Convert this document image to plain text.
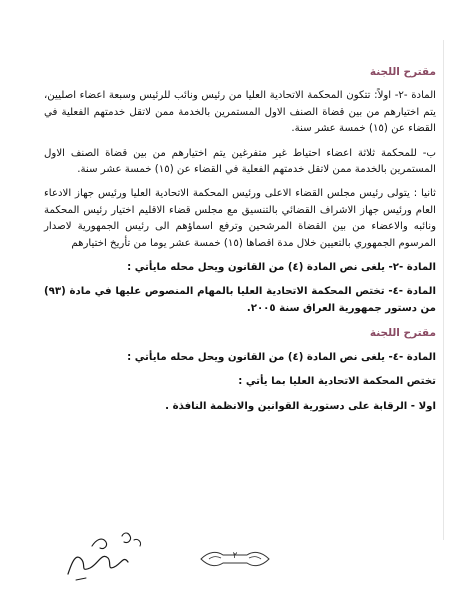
مقترح اللجنة
المادة -٢- اولاً: تتكون المحكمة الاتحادية العليا من رئيس ونائب للرئيس وسبعة اعضاء اصليين، يتم اختيارهم من بين قضاة الصنف الاول المستمرين بالخدمة ممن لاتقل خدمتهم الفعلية في القضاء عن (١٥) خمسة عشر سنة.
ب- للمحكمة ثلاثة اعضاء احتياط غير متفرغين يتم اختيارهم من بين قضاة الصنف الاول المستمرين بالخدمة ممن لاتقل خدمتهم الفعلية في القضاء عن (١٥) خمسة عشر سنة.
ثانيا : يتولى رئيس مجلس القضاء الاعلى ورئيس المحكمة الاتحادية العليا ورئيس جهاز الادعاء العام ورئيس جهاز الاشراف القضائي بالتنسيق مع مجلس قضاء الاقليم اختيار رئيس المحكمة ونائبه والاعضاء من بين القضاة المرشحين وترفع اسماؤهم الى رئيس الجمهورية لاصدار المرسوم الجمهوري بالتعيين خلال مدة اقصاها (١٥) خمسة عشر يوما من تأريخ اختيارهم
المادة -٢- يلغى نص المادة (٤) من القانون ويحل محله مايأتي :
المادة -٤- تختص المحكمة الاتحادية العليا بالمهام المنصوص عليها في مادة (٩٣) من دستور جمهورية العراق سنة ٢٠٠٥.
مقترح اللجنة
المادة -٤- يلغى نص المادة (٤) من القانون ويحل محله مايأتي :
تختص المحكمة الاتحادية العليا بما يأتي :
اولا - الرقابة على دستورية القوانين والانظمة النافذة .
٢
